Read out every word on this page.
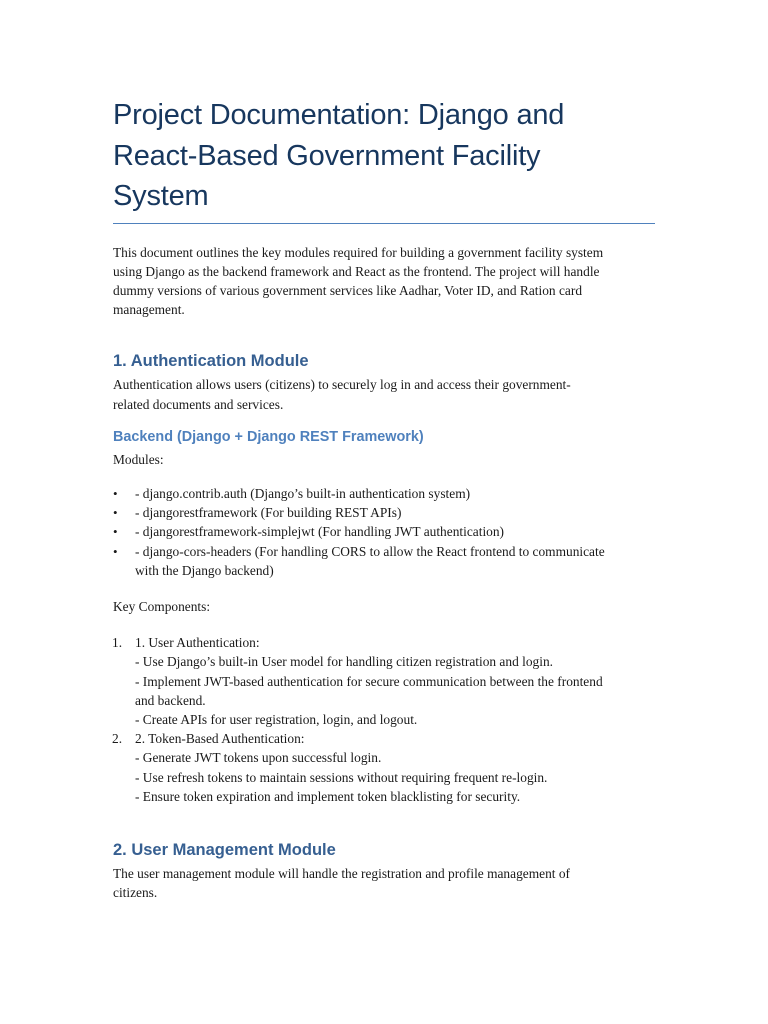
Project Documentation: Django and
React-Based Government Facility
System

This document outlines the key modules required for building a government facility system
using Django as the backend framework and React as the frontend. The project will handle
dummy versions of various government services like Aadhar, Voter ID, and Ration card
management.

1. Authentication Module

Authentication allows users (citizens) to securely log in and access their government-
related documents and services.

Backend (Django + Django REST Framework)

Modules:

• - django.contrib.auth (Django’s built-in authentication system)
• - djangorestframework (For building REST APIs)
• - djangorestframework-simplejwt (For handling JWT authentication)
• - django-cors-headers (For handling CORS to allow the React frontend to communicate
with the Django backend)

Key Components:

1. 1. User Authentication:
- Use Django’s built-in User model for handling citizen registration and login.
- Implement JWT-based authentication for secure communication between the frontend
and backend.
- Create APIs for user registration, login, and logout.
2. 2. Token-Based Authentication:
- Generate JWT tokens upon successful login.
- Use refresh tokens to maintain sessions without requiring frequent re-login.
- Ensure token expiration and implement token blacklisting for security.
2. User Management Module

The user management module will handle the registration and profile management of
citizens.
